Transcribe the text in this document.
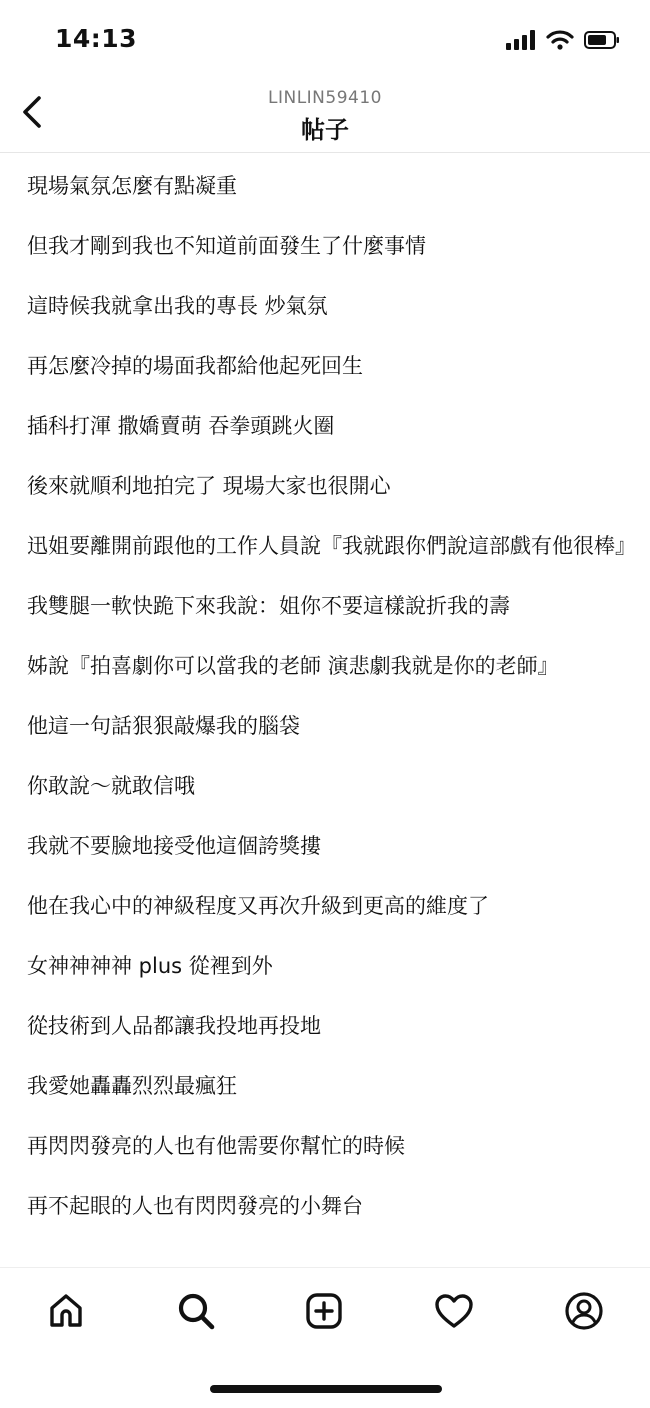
14:13
LINLIN59410
帖子
現場氣氛怎麼有點凝重
但我才剛到我也不知道前面發生了什麼事情
這時候我就拿出我的專長 炒氣氛
再怎麼冷掉的場面我都給他起死回生
插科打渾 撒嬌賣萌 吞拳頭跳火圈
後來就順利地拍完了 現場大家也很開心
迅姐要離開前跟他的工作人員說『我就跟你們說這部戲有他很棒』
我雙腿一軟快跪下來我說：姐你不要這樣說折我的壽
姊說『拍喜劇你可以當我的老師 演悲劇我就是你的老師』
他這一句話狠狠敲爆我的腦袋
你敢說～就敢信哦
我就不要臉地接受他這個誇獎摟
他在我心中的神級程度又再次升級到更高的維度了
女神神神神 plus 從裡到外
從技術到人品都讓我投地再投地
我愛她轟轟烈烈最瘋狂
再閃閃發亮的人也有他需要你幫忙的時候
再不起眼的人也有閃閃發亮的小舞台
